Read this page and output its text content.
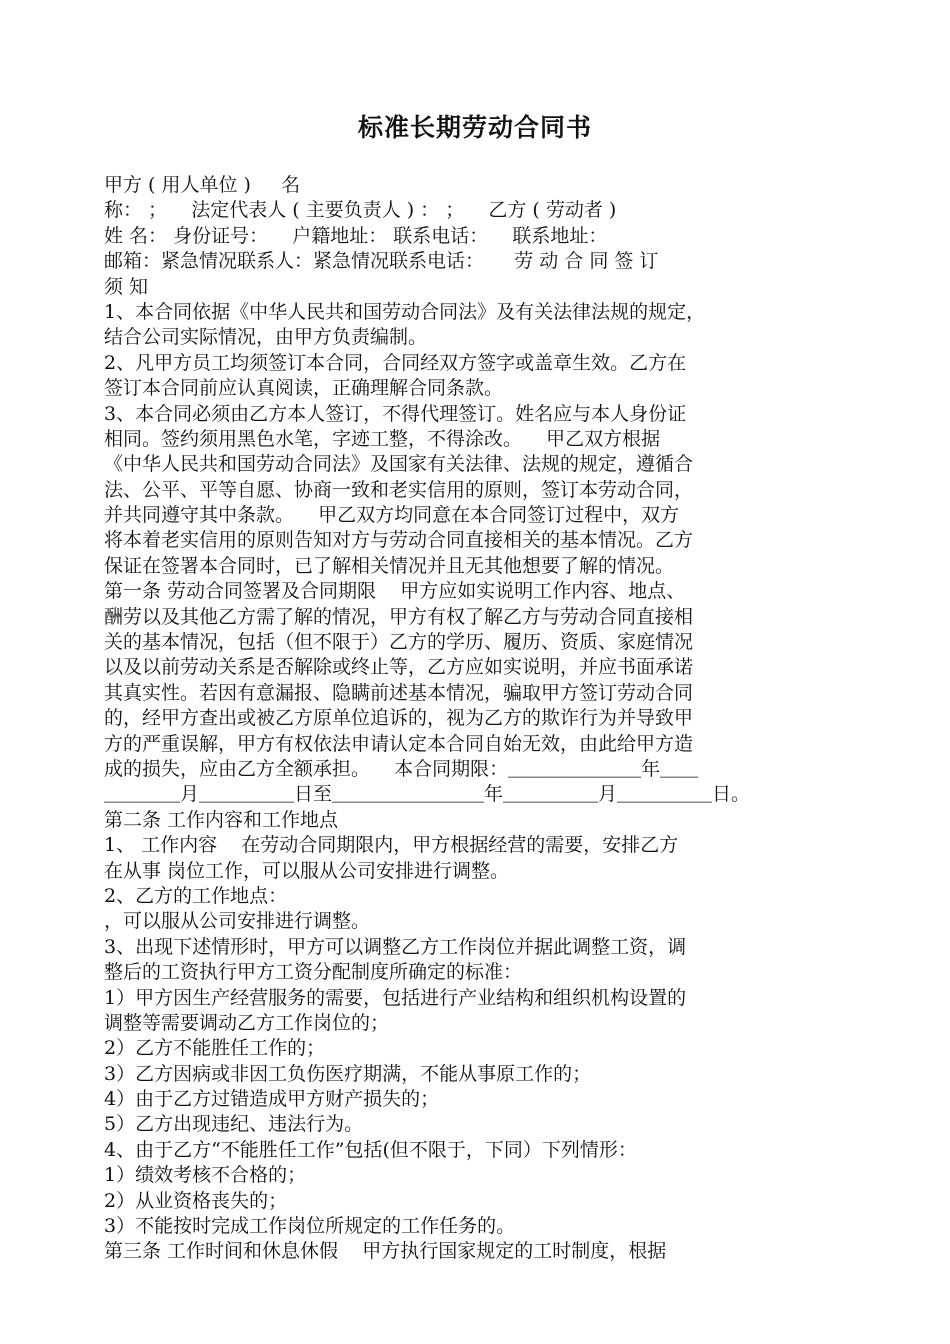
标准长期劳动合同书
甲方 ( 用人单位 )     名
称： ；    法定代表人 ( 主要负责人 ) ： ；    乙方 ( 劳动者 )
姓 名： 身份证号：    户籍地址： 联系电话：    联系地址：
邮箱：紧急情况联系人：紧急情况联系电话：     劳 动 合 同 签 订
须 知
1、本合同依据《中华人民共和国劳动合同法》及有关法律法规的规定，
结合公司实际情况，由甲方负责编制。
2、凡甲方员工均须签订本合同，合同经双方签字或盖章生效。乙方在
签订本合同前应认真阅读，正确理解合同条款。
3、本合同必须由乙方本人签订，不得代理签订。姓名应与本人身份证
相同。签约须用黑色水笔，字迹工整，不得涂改。    甲乙双方根据
《中华人民共和国劳动合同法》及国家有关法律、法规的规定，遵循合
法、公平、平等自愿、协商一致和老实信用的原则，签订本劳动合同，
并共同遵守其中条款。    甲乙双方均同意在本合同签订过程中，双方
将本着老实信用的原则告知对方与劳动合同直接相关的基本情况。乙方
保证在签署本合同时，已了解相关情况并且无其他想要了解的情况。
第一条 劳动合同签署及合同期限    甲方应如实说明工作内容、地点、
酬劳以及其他乙方需了解的情况，甲方有权了解乙方与劳动合同直接相
关的基本情况，包括（但不限于）乙方的学历、履历、资质、家庭情况
以及以前劳动关系是否解除或终止等，乙方应如实说明，并应书面承诺
其真实性。若因有意漏报、隐瞒前述基本情况，骗取甲方签订劳动合同
的，经甲方查出或被乙方原单位追诉的，视为乙方的欺诈行为并导致甲
方的严重误解，甲方有权依法申请认定本合同自始无效，由此给甲方造
成的损失，应由乙方全额承担。    本合同期限：＿＿＿＿＿＿＿年＿＿
＿＿＿＿月＿＿＿＿＿日至＿＿＿＿＿＿＿＿年＿＿＿＿＿月＿＿＿＿＿日。
第二条 工作内容和工作地点
1、 工作内容    在劳动合同期限内，甲方根据经营的需要，安排乙方
在从事 岗位工作，可以服从公司安排进行调整。
2、乙方的工作地点：
，可以服从公司安排进行调整。
3、出现下述情形时，甲方可以调整乙方工作岗位并据此调整工资，调
整后的工资执行甲方工资分配制度所确定的标准：
1）甲方因生产经营服务的需要，包括进行产业结构和组织机构设置的
调整等需要调动乙方工作岗位的；
2）乙方不能胜任工作的；
3）乙方因病或非因工负伤医疗期满，不能从事原工作的；
4）由于乙方过错造成甲方财产损失的；
5）乙方出现违纪、违法行为。
4、由于乙方“不能胜任工作”包括(但不限于，下同）下列情形：
1）绩效考核不合格的；
2）从业资格丧失的；
3）不能按时完成工作岗位所规定的工作任务的。
第三条 工作时间和休息休假    甲方执行国家规定的工时制度，根据
